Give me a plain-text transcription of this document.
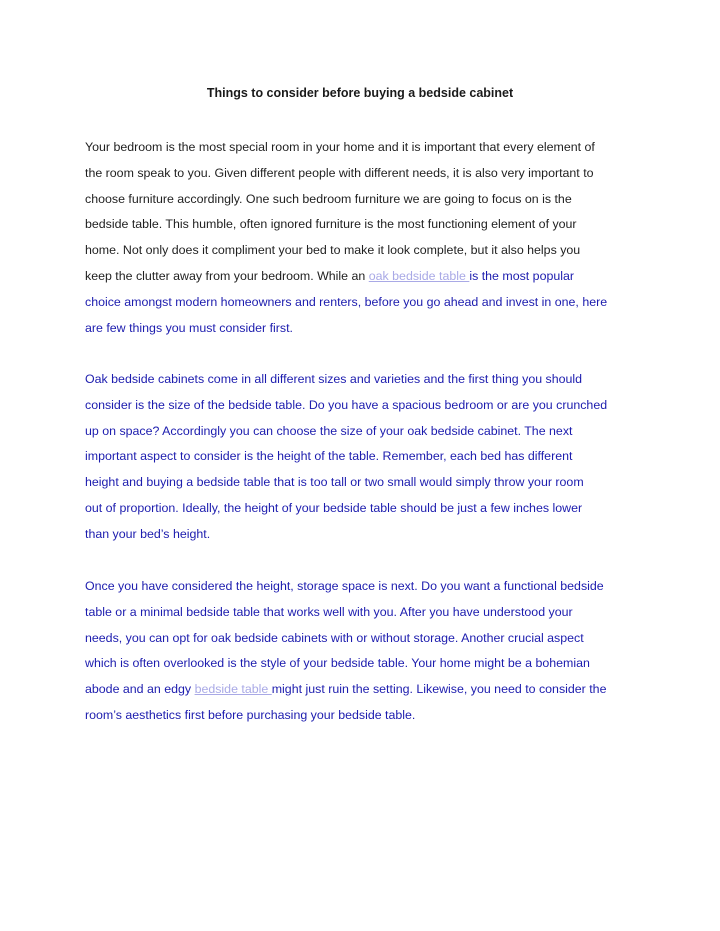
Things to consider before buying a bedside cabinet

Your bedroom is the most special room in your home and it is important that every element of
the room speak to you. Given different people with different needs, it is also very important to
choose furniture accordingly. One such bedroom furniture we are going to focus on is the
bedside table. This humble, often ignored furniture is the most functioning element of your
home. Not only does it compliment your bed to make it look complete, but it also helps you
keep the clutter away from your bedroom. While an oak bedside table is the most popular
choice amongst modern homeowners and renters, before you go ahead and invest in one, here
are few things you must consider first.

Oak bedside cabinets come in all different sizes and varieties and the first thing you should
consider is the size of the bedside table. Do you have a spacious bedroom or are you crunched
up on space? Accordingly you can choose the size of your oak bedside cabinet. The next
important aspect to consider is the height of the table. Remember, each bed has different
height and buying a bedside table that is too tall or two small would simply throw your room
out of proportion. Ideally, the height of your bedside table should be just a few inches lower
than your bed’s height.

Once you have considered the height, storage space is next. Do you want a functional bedside
table or a minimal bedside table that works well with you. After you have understood your
needs, you can opt for oak bedside cabinets with or without storage. Another crucial aspect
which is often overlooked is the style of your bedside table. Your home might be a bohemian
abode and an edgy bedside table might just ruin the setting. Likewise, you need to consider the
room’s aesthetics first before purchasing your bedside table.
